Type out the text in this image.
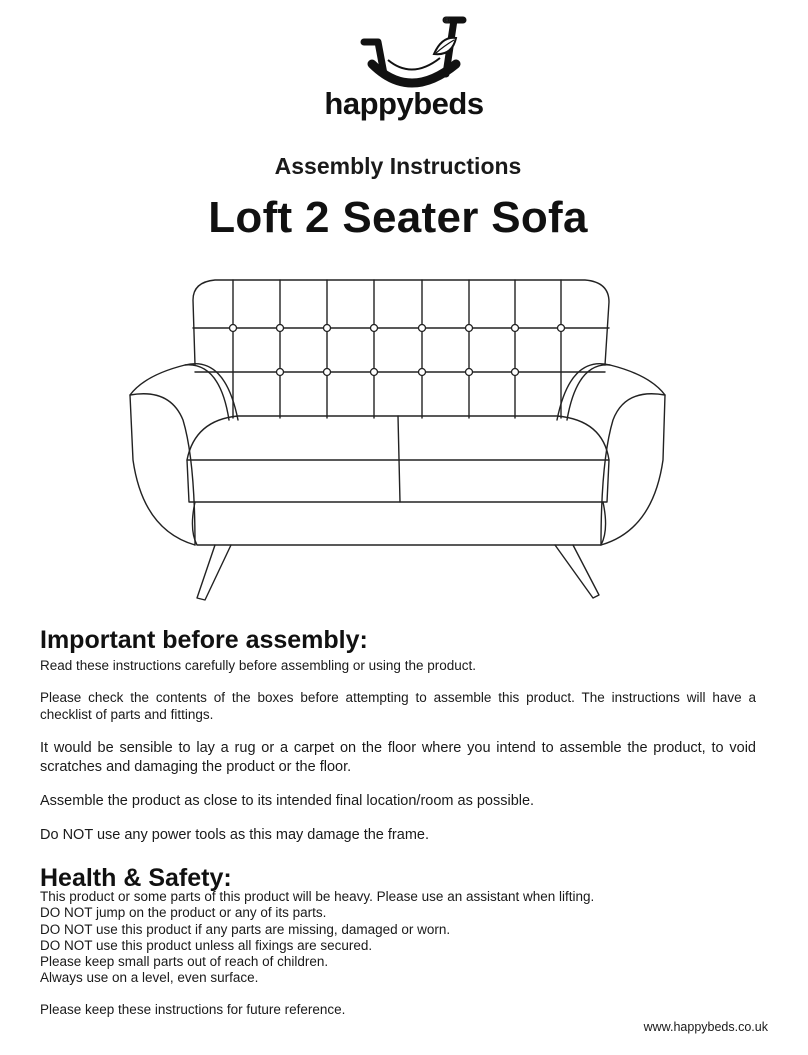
®
happybeds
Assembly Instructions
Loft 2 Seater Sofa
Important before assembly:
Read these instructions carefully before assembling or using the product.
Please check the contents of the boxes before attempting to assemble this product. The instructions will have a checklist of parts and fittings.
It would be sensible to lay a rug or a carpet on the floor where you intend to assemble the product, to void scratches and damaging the product or the floor.
Assemble the product as close to its intended final location/room as possible.
Do NOT use any power tools as this may damage the frame.
Health & Safety:
This product or some parts of this product will be heavy. Please use an assistant when lifting.
DO NOT jump on the product or any of its parts.
DO NOT use this product if any parts are missing, damaged or worn.
DO NOT use this product unless all fixings are secured.
Please keep small parts out of reach of children.
Always use on a level, even surface.
Please keep these instructions for future reference.
www.happybeds.co.uk
